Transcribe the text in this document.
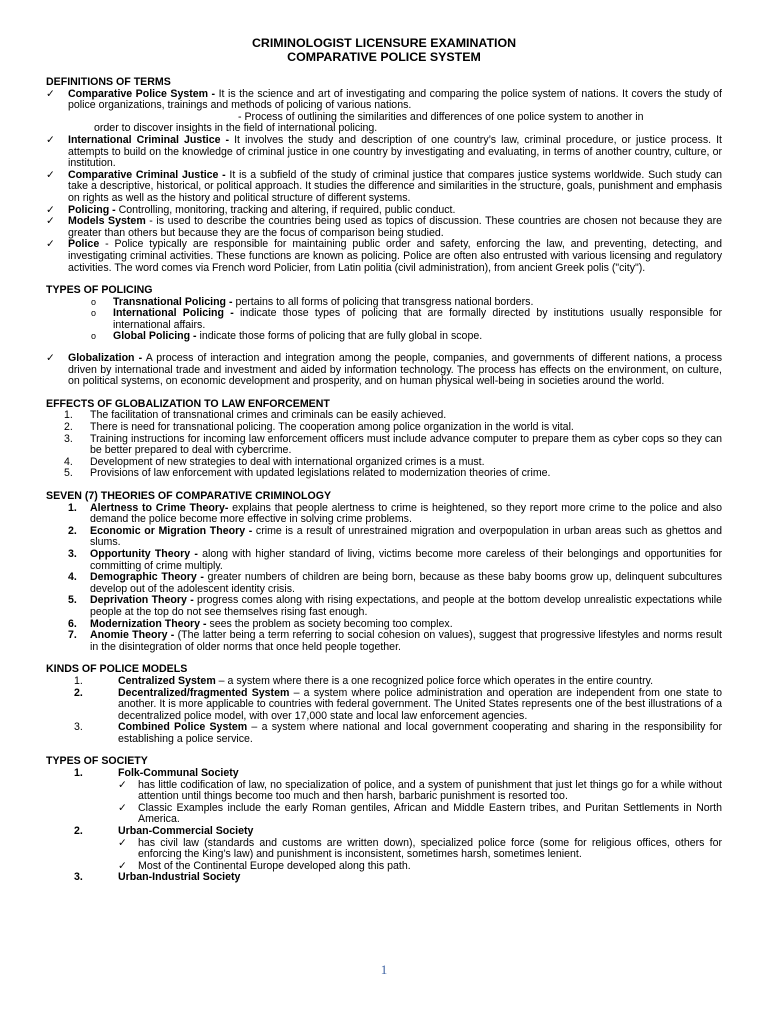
CRIMINOLOGIST LICENSURE EXAMINATION
COMPARATIVE POLICE SYSTEM
DEFINITIONS OF TERMS
✓	Comparative Police System - It is the science and art of investigating and comparing the police system of nations. It covers the study of police organizations, trainings and methods of policing of various nations.
- Process of outlining the similarities and differences of one police system to another in
order to discover insights in the field of international policing.
✓	International Criminal Justice - It involves the study and description of one country’s law, criminal procedure, or justice process. It attempts to build on the knowledge of criminal justice in one country by investigating and evaluating, in terms of another country, culture, or institution.
✓	Comparative Criminal Justice - It is a subfield of the study of criminal justice that compares justice systems worldwide. Such study can take a descriptive, historical, or political approach. It studies the difference and similarities in the structure, goals, punishment and emphasis on rights as well as the history and political structure of different systems.
✓	Policing - Controlling, monitoring, tracking and altering, if required, public conduct.
✓	Models System - is used to describe the countries being used as topics of discussion. These countries are chosen not because they are greater than others but because they are the focus of comparison being studied.
✓	Police - Police typically are responsible for maintaining public order and safety, enforcing the law, and preventing, detecting, and investigating criminal activities. These functions are known as policing. Police are often also entrusted with various licensing and regulatory activities. The word comes via French word Policier, from Latin politia (civil administration), from ancient Greek polis ("city").
TYPES OF POLICING
o	Transnational Policing - pertains to all forms of policing that transgress national borders.
o	International Policing - indicate those types of policing that are formally directed by institutions usually responsible for international affairs.
o	Global Policing - indicate those forms of policing that are fully global in scope.
✓	Globalization - A process of interaction and integration among the people, companies, and governments of different nations, a process driven by international trade and investment and aided by information technology. The process has effects on the environment, on culture, on political systems, on economic development and prosperity, and on human physical well-being in societies around the world.
EFFECTS OF GLOBALIZATION TO LAW ENFORCEMENT
1.	The facilitation of transnational crimes and criminals can be easily achieved.
2.	There is need for transnational policing. The cooperation among police organization in the world is vital.
3.	Training instructions for incoming law enforcement officers must include advance computer to prepare them as cyber cops so they can be better prepared to deal with cybercrime.
4.	Development of new strategies to deal with international organized crimes is a must.
5.	Provisions of law enforcement with updated legislations related to modernization theories of crime.
SEVEN (7) THEORIES OF COMPARATIVE CRIMINOLOGY
1.	Alertness to Crime Theory- explains that people alertness to crime is heightened, so they report more crime to the police and also demand the police become more effective in solving crime problems.
2.	Economic or Migration Theory - crime is a result of unrestrained migration and overpopulation in urban areas such as ghettos and slums.
3.	Opportunity Theory - along with higher standard of living, victims become more careless of their belongings and opportunities for committing of crime multiply.
4.	Demographic Theory - greater numbers of children are being born, because as these baby booms grow up, delinquent subcultures develop out of the adolescent identity crisis.
5.	Deprivation Theory - progress comes along with rising expectations, and people at the bottom develop unrealistic expectations while people at the top do not see themselves rising fast enough.
6.	Modernization Theory - sees the problem as society becoming too complex.
7.	Anomie Theory - (The latter being a term referring to social cohesion on values), suggest that progressive lifestyles and norms result in the disintegration of older norms that once held people together.
KINDS OF POLICE MODELS
1.	Centralized System – a system where there is a one recognized police force which operates in the entire country.
2.	Decentralized/fragmented System – a system where police administration and operation are independent from one state to another. It is more applicable to countries with federal government. The United States represents one of the best illustrations of a decentralized police model, with over 17,000 state and local law enforcement agencies.
3.	Combined Police System – a system where national and local government cooperating and sharing in the responsibility for establishing a police service.
TYPES OF SOCIETY
1.	Folk-Communal Society
✓	has little codification of law, no specialization of police, and a system of punishment that just let things go for a while without attention until things become too much and then harsh, barbaric punishment is resorted too.
✓	Classic Examples include the early Roman gentiles, African and Middle Eastern tribes, and Puritan Settlements in North America.
2.	Urban-Commercial Society
✓	has civil law (standards and customs are written down), specialized police force (some for religious offices, others for enforcing the King’s law) and punishment is inconsistent, sometimes harsh, sometimes lenient.
✓	Most of the Continental Europe developed along this path.
3.	Urban-Industrial Society
1
